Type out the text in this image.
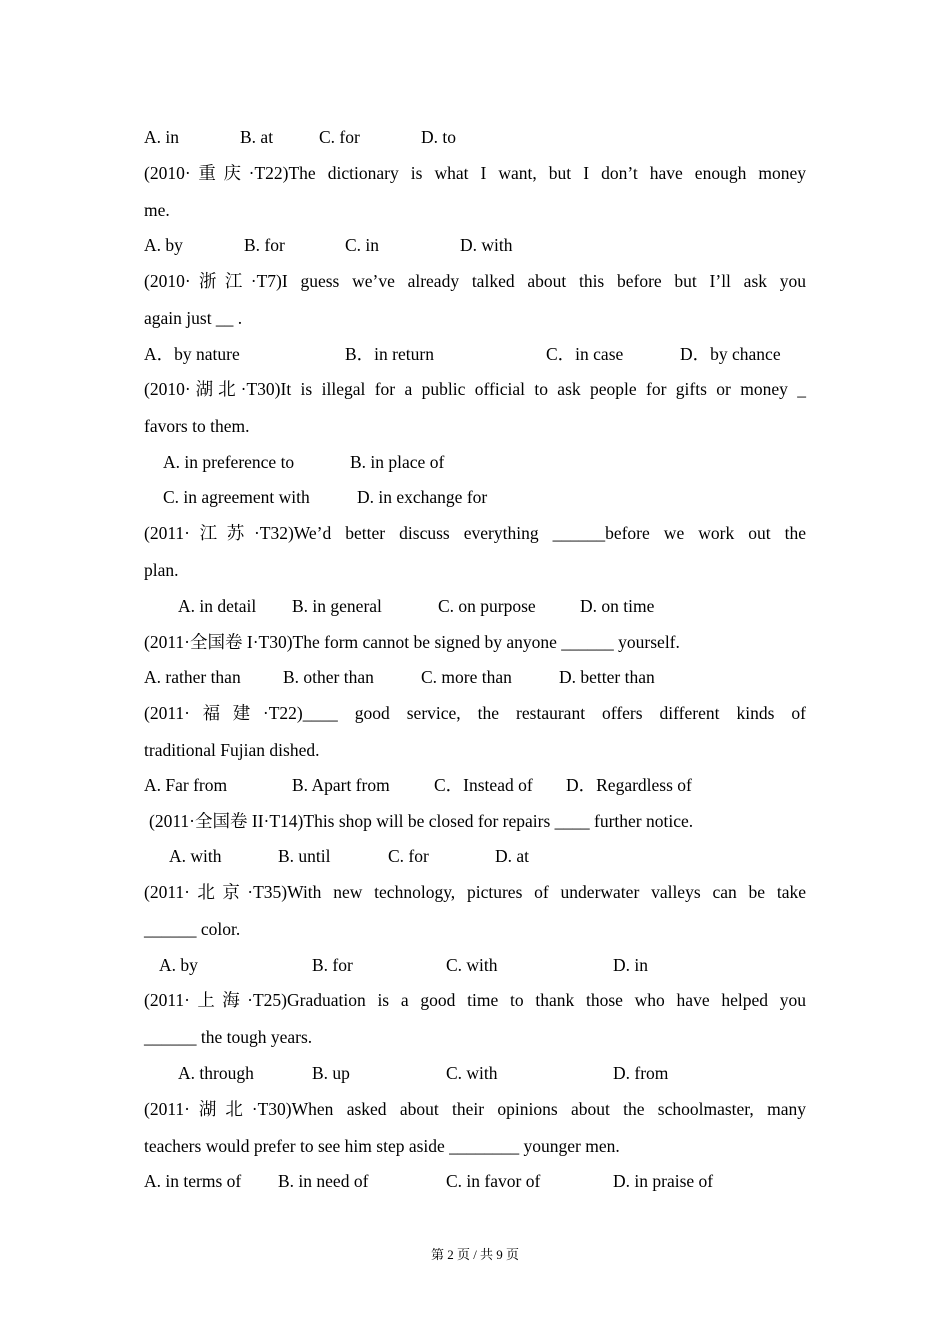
A. in	B. at	C. for	D. to
(2010·重庆·T22)The dictionary is what I want, but I don’t have enough money
me.
A. by	B. for	C. in	D. with
(2010·浙江·T7)I guess we’ve already talked about this before but I’ll ask you
again just __ .
A．by nature	B．in return	C．in case	D．by chance
(2010·湖北·T30)It is illegal for a public official to ask people for gifts or money _
favors to them.
A. in preference to	B. in place of
C. in agreement with	D. in exchange for
(2011·江苏·T32)We’d better discuss everything ______before we work out the
plan.
A. in detail B. in general	C. on purpose	D. on time
(2011·全国卷 I·T30)The form cannot be signed by anyone ______ yourself.
A. rather than B. other than	C. more than	D. better than
(2011·福建·T22)____ good service, the restaurant offers different kinds of
traditional Fujian dished.
A. Far from	B. Apart from	C．Instead of D．Regardless of
(2011·全国卷 II·T14)This shop will be closed for repairs ____ further notice.
A. with	B. until	C. for	D. at
(2011·北京·T35)With new technology, pictures of underwater valleys can be take
______ color.
A. by	B. for	C. with	D. in
(2011·上海·T25)Graduation is a good time to thank those who have helped you
______ the tough years.
A. through	B. up	C. with	D. from
(2011·湖北·T30)When asked about their opinions about the schoolmaster, many
teachers would prefer to see him step aside ________ younger men.
A. in terms of B. in need of	C. in favor of	D. in praise of
第 2 页 / 共 9 页
